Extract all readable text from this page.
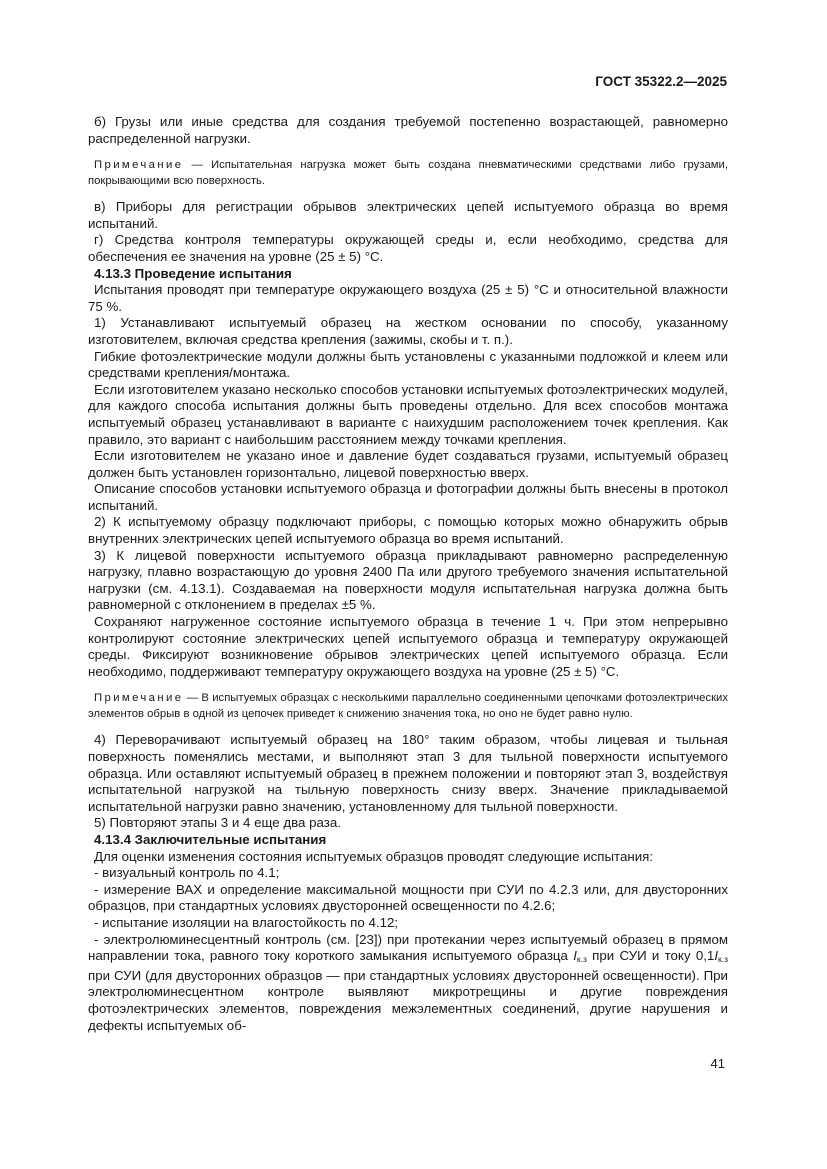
ГОСТ 35322.2—2025

б) Грузы или иные средства для создания требуемой постепенно возрастающей, равномерно распределенной нагрузки.

Примечание — Испытательная нагрузка может быть создана пневматическими средствами либо грузами, покрывающими всю поверхность.

в) Приборы для регистрации обрывов электрических цепей испытуемого образца во время испытаний.

г) Средства контроля температуры окружающей среды и, если необходимо, средства для обеспечения ее значения на уровне (25 ± 5) °С.

4.13.3 Проведение испытания

Испытания проводят при температуре окружающего воздуха (25 ± 5) °С и относительной влажности 75 %.

1) Устанавливают испытуемый образец на жестком основании по способу, указанному изготовителем, включая средства крепления (зажимы, скобы и т. п.).

Гибкие фотоэлектрические модули должны быть установлены с указанными подложкой и клеем или средствами крепления/монтажа.

Если изготовителем указано несколько способов установки испытуемых фотоэлектрических модулей, для каждого способа испытания должны быть проведены отдельно. Для всех способов монтажа испытуемый образец устанавливают в варианте с наихудшим расположением точек крепления. Как правило, это вариант с наибольшим расстоянием между точками крепления.

Если изготовителем не указано иное и давление будет создаваться грузами, испытуемый образец должен быть установлен горизонтально, лицевой поверхностью вверх.

Описание способов установки испытуемого образца и фотографии должны быть внесены в протокол испытаний.

2) К испытуемому образцу подключают приборы, с помощью которых можно обнаружить обрыв внутренних электрических цепей испытуемого образца во время испытаний.

3) К лицевой поверхности испытуемого образца прикладывают равномерно распределенную нагрузку, плавно возрастающую до уровня 2400 Па или другого требуемого значения испытательной нагрузки (см. 4.13.1). Создаваемая на поверхности модуля испытательная нагрузка должна быть равномерной с отклонением в пределах ±5 %.

Сохраняют нагруженное состояние испытуемого образца в течение 1 ч. При этом непрерывно контролируют состояние электрических цепей испытуемого образца и температуру окружающей среды. Фиксируют возникновение обрывов электрических цепей испытуемого образца. Если необходимо, поддерживают температуру окружающего воздуха на уровне (25 ± 5) °С.

Примечание — В испытуемых образцах с несколькими параллельно соединенными цепочками фотоэлектрических элементов обрыв в одной из цепочек приведет к снижению значения тока, но оно не будет равно нулю.

4) Переворачивают испытуемый образец на 180° таким образом, чтобы лицевая и тыльная поверхность поменялись местами, и выполняют этап 3 для тыльной поверхности испытуемого образца. Или оставляют испытуемый образец в прежнем положении и повторяют этап 3, воздействуя испытательной нагрузкой на тыльную поверхность снизу вверх. Значение прикладываемой испытательной нагрузки равно значению, установленному для тыльной поверхности.

5) Повторяют этапы 3 и 4 еще два раза.

4.13.4 Заключительные испытания

Для оценки изменения состояния испытуемых образцов проводят следующие испытания:

- визуальный контроль по 4.1;

- измерение ВАХ и определение максимальной мощности при СУИ по 4.2.3 или, для двусторонних образцов, при стандартных условиях двусторонней освещенности по 4.2.6;

- испытание изоляции на влагостойкость по 4.12;

- электролюминесцентный контроль (см. [23]) при протекании через испытуемый образец в прямом направлении тока, равного току короткого замыкания испытуемого образца $I_{к.з}$ при СУИ и току $0,1I_{к.з}$ при СУИ (для двусторонних образцов — при стандартных условиях двусторонней освещенности). При электролюминесцентном контроле выявляют микротрещины и другие повреждения фотоэлектрических элементов, повреждения межэлементных соединений, другие нарушения и дефекты испытуемых об-

41
